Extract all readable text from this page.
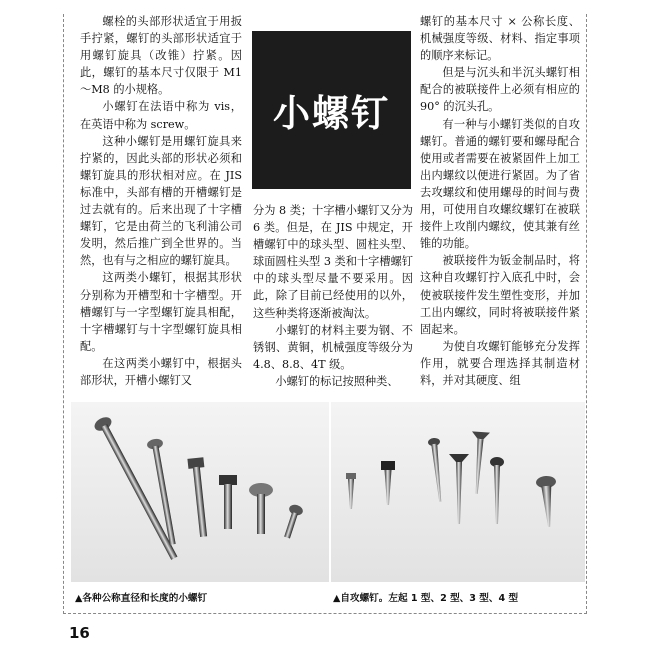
螺栓的头部形状适宜于用扳手拧紧，螺钉的头部形状适宜于用螺钉旋具（改锥）拧紧。因此，螺钉的基本尺寸仅限于 M1～M8 的小规格。

小螺钉在法语中称为 vis，在英语中称为 screw。

这种小螺钉是用螺钉旋具来拧紧的，因此头部的形状必须和螺钉旋具的形状相对应。在 JIS 标准中，头部有槽的开槽螺钉是过去就有的。后来出现了十字槽螺钉，它是由荷兰的飞利浦公司发明，然后推广到全世界的。当然，也有与之相应的螺钉旋具。

这两类小螺钉，根据其形状分别称为开槽型和十字槽型。开槽螺钉与一字型螺钉旋具相配，十字槽螺钉与十字型螺钉旋具相配。

在这两类小螺钉中，根据头部形状，开槽小螺钉又

小螺钉

分为 8 类；十字槽小螺钉又分为 6 类。但是，在 JIS 中规定，开槽螺钉中的球头型、圆柱头型、球面圆柱头型 3 类和十字槽螺钉中的球头型尽量不要采用。因此，除了目前已经使用的以外，这些种类将逐渐被淘汰。

小螺钉的材料主要为钢、不锈钢、黄铜，机械强度等级分为 4.8、8.8、4T 级。

小螺钉的标记按照种类、

螺钉的基本尺寸 × 公称长度、机械强度等级、材料、指定事项的顺序来标记。

但是与沉头和半沉头螺钉相配合的被联接件上必须有相应的 90° 的沉头孔。

有一种与小螺钉类似的自攻螺钉。普通的螺钉要和螺母配合使用或者需要在被紧固件上加工出内螺纹以便进行紧固。为了省去攻螺纹和使用螺母的时间与费用，可使用自攻螺纹螺钉在被联接件上攻削内螺纹，使其兼有丝锥的功能。

被联接件为钣金制品时，将这种自攻螺钉拧入底孔中时，会使被联接件发生塑性变形，并加工出内螺纹，同时将被联接件紧固起来。

为使自攻螺钉能够充分发挥作用，就要合理选择其制造材料，并对其硬度、组

▲各种公称直径和长度的小螺钉	▲自攻螺钉。左起 1 型、2 型、3 型、4 型
16
